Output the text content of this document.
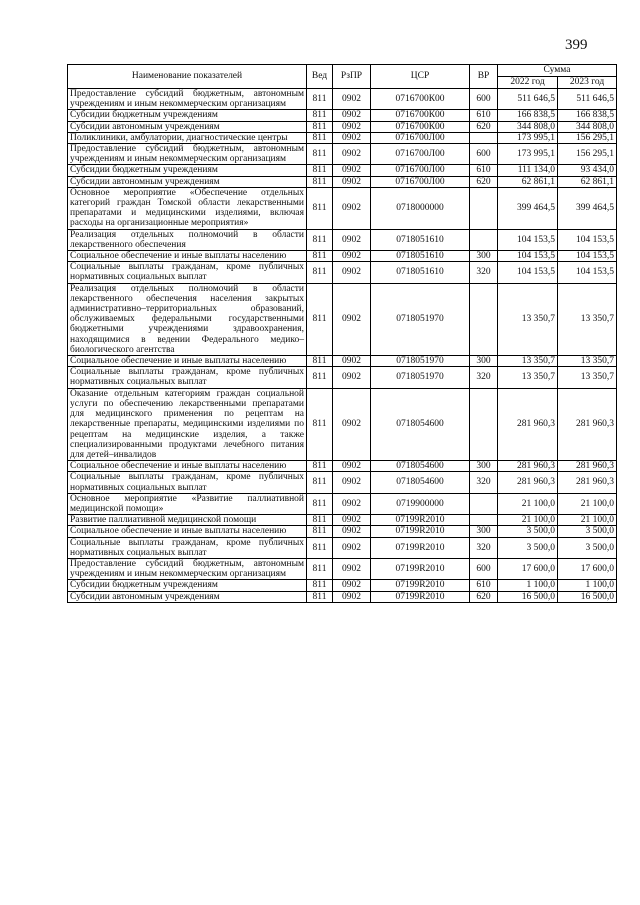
399
Наименование показателей	Вед	РзПР	ЦСР	ВР	Сумма	
					2022 год	2023 год
Предоставление субсидий бюджетным, автономным учреждениям и иным некоммерческим организациям	811	0902	0716700К00	600	511 646,5	511 646,5
Субсидии бюджетным учреждениям	811	0902	0716700К00	610	166 838,5	166 838,5
Субсидии автономным учреждениям	811	0902	0716700К00	620	344 808,0	344 808,0
Поликлиники, амбулатории, диагностические центры	811	0902	0716700Л00		173 995,1	156 295,1
Предоставление субсидий бюджетным, автономным учреждениям и иным некоммерческим организациям	811	0902	0716700Л00	600	173 995,1	156 295,1
Субсидии бюджетным учреждениям	811	0902	0716700Л00	610	111 134,0	93 434,0
Субсидии автономным учреждениям	811	0902	0716700Л00	620	62 861,1	62 861,1
Основное мероприятие «Обеспечение отдельных категорий граждан Томской области лекарственными препаратами и медицинскими изделиями, включая расходы на организационные мероприятия»	811	0902	0718000000		399 464,5	399 464,5
Реализация отдельных полномочий в области лекарственного обеспечения	811	0902	0718051610		104 153,5	104 153,5
Социальное обеспечение и иные выплаты населению	811	0902	0718051610	300	104 153,5	104 153,5
Социальные выплаты гражданам, кроме публичных нормативных социальных выплат	811	0902	0718051610	320	104 153,5	104 153,5
Реализация отдельных полномочий в области лекарственного обеспечения населения закрытых административно–территориальных образований, обслуживаемых федеральными государственными бюджетными учреждениями здравоохранения, находящимися в ведении Федерального медико–биологического агентства	811	0902	0718051970		13 350,7	13 350,7
Социальное обеспечение и иные выплаты населению	811	0902	0718051970	300	13 350,7	13 350,7
Социальные выплаты гражданам, кроме публичных нормативных социальных выплат	811	0902	0718051970	320	13 350,7	13 350,7
Оказание отдельным категориям граждан социальной услуги по обеспечению лекарственными препаратами для медицинского применения по рецептам на лекарственные препараты, медицинскими изделиями по рецептам на медицинские изделия, а также специализированными продуктами лечебного питания для детей–инвалидов	811	0902	0718054600		281 960,3	281 960,3
Социальное обеспечение и иные выплаты населению	811	0902	0718054600	300	281 960,3	281 960,3
Социальные выплаты гражданам, кроме публичных нормативных социальных выплат	811	0902	0718054600	320	281 960,3	281 960,3
Основное мероприятие «Развитие паллиативной медицинской помощи»	811	0902	0719900000		21 100,0	21 100,0
Развитие паллиативной медицинской помощи	811	0902	07199R2010		21 100,0	21 100,0
Социальное обеспечение и иные выплаты населению	811	0902	07199R2010	300	3 500,0	3 500,0
Социальные выплаты гражданам, кроме публичных нормативных социальных выплат	811	0902	07199R2010	320	3 500,0	3 500,0
Предоставление субсидий бюджетным, автономным учреждениям и иным некоммерческим организациям	811	0902	07199R2010	600	17 600,0	17 600,0
Субсидии бюджетным учреждениям	811	0902	07199R2010	610	1 100,0	1 100,0
Субсидии автономным учреждениям	811	0902	07199R2010	620	16 500,0	16 500,0
